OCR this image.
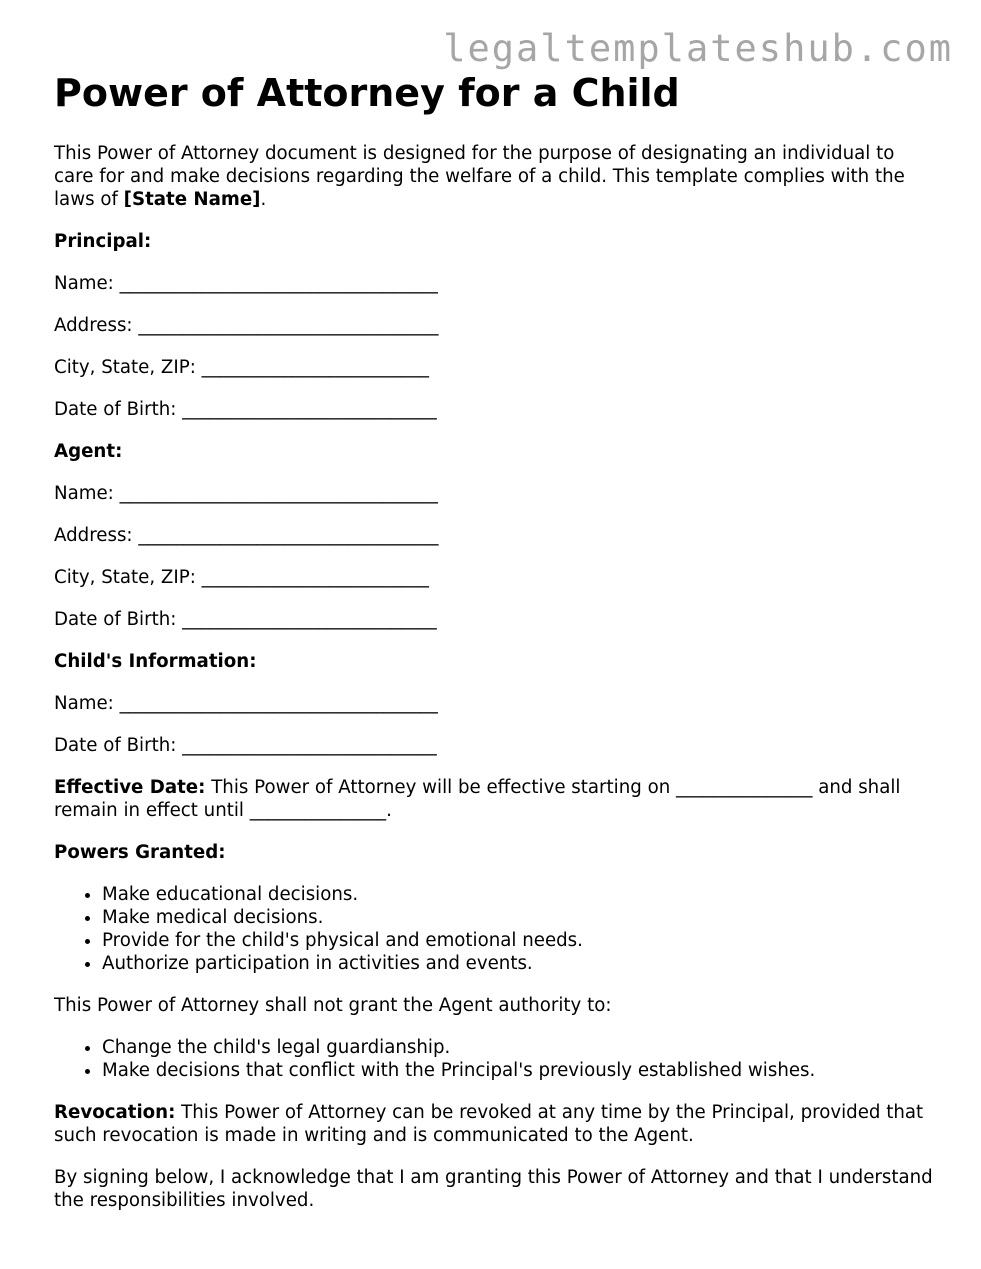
legaltemplateshub.com
Power of Attorney for a Child

This Power of Attorney document is designed for the purpose of designating an individual to care for and make decisions regarding the welfare of a child. This template complies with the laws of [State Name].

Principal:

Name: ___________________________________

Address: _________________________________

City, State, ZIP: _________________________

Date of Birth: ____________________________

Agent:

Name: ___________________________________

Address: _________________________________

City, State, ZIP: _________________________

Date of Birth: ____________________________

Child's Information:

Name: ___________________________________

Date of Birth: ____________________________

Effective Date: This Power of Attorney will be effective starting on _______________ and shall remain in effect until _______________.

Powers Granted:

• Make educational decisions.
• Make medical decisions.
• Provide for the child's physical and emotional needs.
• Authorize participation in activities and events.

This Power of Attorney shall not grant the Agent authority to:

• Change the child's legal guardianship.
• Make decisions that conflict with the Principal's previously established wishes.

Revocation: This Power of Attorney can be revoked at any time by the Principal, provided that such revocation is made in writing and is communicated to the Agent.

By signing below, I acknowledge that I am granting this Power of Attorney and that I understand the responsibilities involved.
